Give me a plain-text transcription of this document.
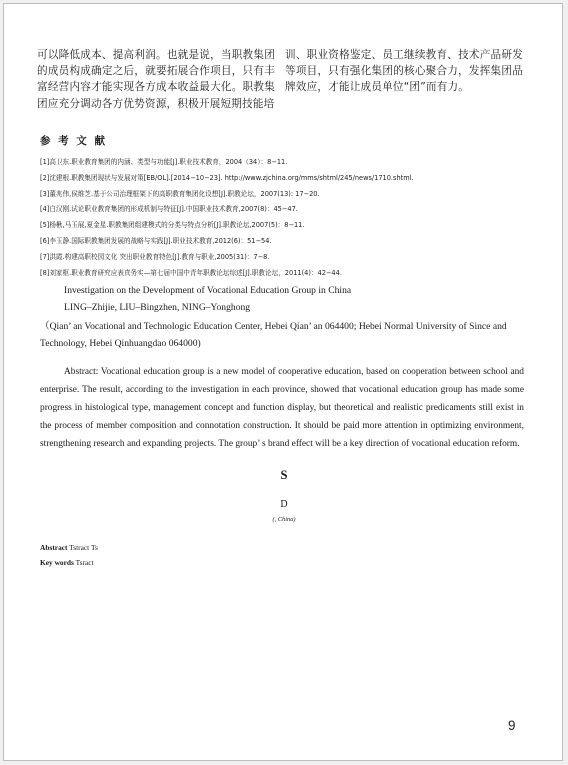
可以降低成本、提高利润。也就是说，当职教集团的成员构成确定之后，就要拓展合作项目，只有丰富经营内容才能实现各方成本收益最大化。职教集团应充分调动各方优势资源，积极开展短期技能培

训、职业资格鉴定、员工继续教育、技术产品研发等项目，只有强化集团的核心聚合力，发挥集团品牌效应，才能让成员单位“团”而有力。

参 考 文 献
[1]高卫东.职业教育集团的内涵、类型与功能[J].职业技术教育，2004（34）：8−11.
[2]沈建根.职教集团现状与发展对策[EB/OL].[2014−10−23]. http://www.zjchina.org/mms/shtml/245/news/1710.shtml.
[3]董兆伟,侯维芝.基于公司治理框架下的高职教育集团化设想[J].职教论坛，2007(13): 17−20.
[4]白汉刚.试论职业教育集团的形成机制与特征[J].中国职业技术教育,2007(8)：45−47.
[5]杨楸,马玉展,夏金星.职教集团组建模式的分类与特点分析[J].职教论坛,2007(5)：8−11.
[6]李玉静.国际职教集团发展的战略与实践[J].职业技术教育,2012(6)：51−54.
[7]洪霞.构建高职校园文化 突出职业教育特色[J].教育与职业,2005(31)：7−8.
[8]刘家枢.职业教育研究应表真务实—第七届中国中青年职教论坛综述[J].职教论坛，2011(4)：42−44.
Investigation on the Development of Vocational Education Group in China
LING–Zhijie, LIU–Bingzhen, NING–Yonghong
（Qian’ an Vocational and Technologic Education Center, Hebei Qian’ an 064400; Hebei Normal University of Since and Technology, Hebei Qinhuangdao 064000)
Abstract: Vocational education group is a new model of cooperative education, based on cooperation between school and enterprise. The result, according to the investigation in each province, showed that vocational education group has made some progress in histological type, management concept and function display, but theoretical and realistic predicaments still exist in the process of member composition and connotation construction. It should be paid more attention in optimizing environment, strengthening research and expanding projects. The group’ s brand effect will be a key direction of vocational education reform.
S
D
(, China)
Abstract Tstract Ts
Key words Tsract
9
